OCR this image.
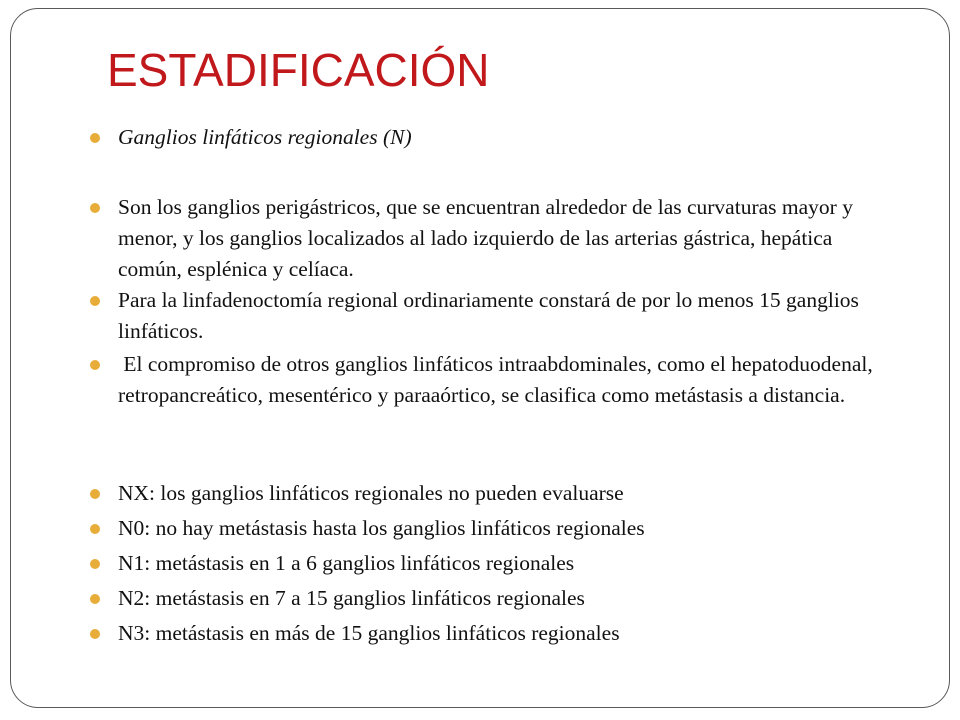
ESTADIFICACIÓN

Ganglios linfáticos regionales (N)

Son los ganglios perigástricos, que se encuentran alrededor de las curvaturas mayor y menor, y los ganglios localizados al lado izquierdo de las arterias gástrica, hepática común, esplénica y celíaca.

Para la linfadenoctomía regional ordinariamente constará de por lo menos 15 ganglios linfáticos.

El compromiso de otros ganglios linfáticos intraabdominales, como el hepatoduodenal, retropancreático, mesentérico y paraaórtico, se clasifica como metástasis a distancia.

NX: los ganglios linfáticos regionales no pueden evaluarse

N0: no hay metástasis hasta los ganglios linfáticos regionales

N1: metástasis en 1 a 6 ganglios linfáticos regionales

N2: metástasis en 7 a 15 ganglios linfáticos regionales

N3: metástasis en más de 15 ganglios linfáticos regionales
